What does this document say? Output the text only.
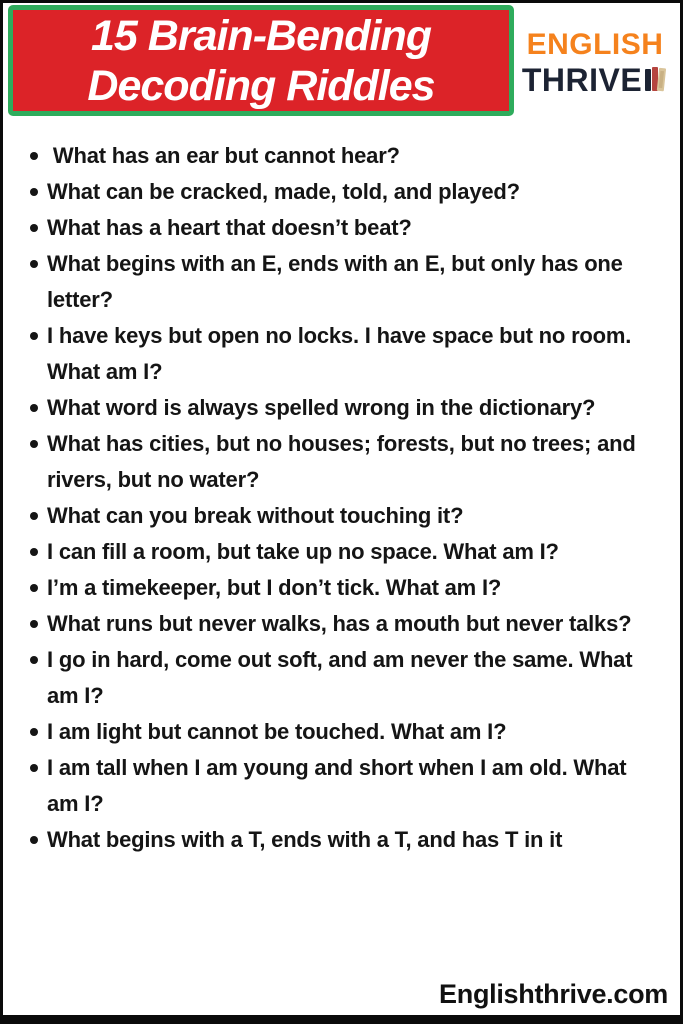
15 Brain-Bending
Decoding Riddles
ENGLISH
THRIVE
What has an ear but cannot hear?
What can be cracked, made, told, and played?
What has a heart that doesn’t beat?
What begins with an E, ends with an E, but only has one letter?
I have keys but open no locks. I have space but no room. What am I?
What word is always spelled wrong in the dictionary?
What has cities, but no houses; forests, but no trees; and rivers, but no water?
What can you break without touching it?
I can fill a room, but take up no space. What am I?
I’m a timekeeper, but I don’t tick. What am I?
What runs but never walks, has a mouth but never talks?
I go in hard, come out soft, and am never the same. What am I?
I am light but cannot be touched. What am I?
I am tall when I am young and short when I am old. What am I?
What begins with a T, ends with a T, and has T in it
Englishthrive.com
